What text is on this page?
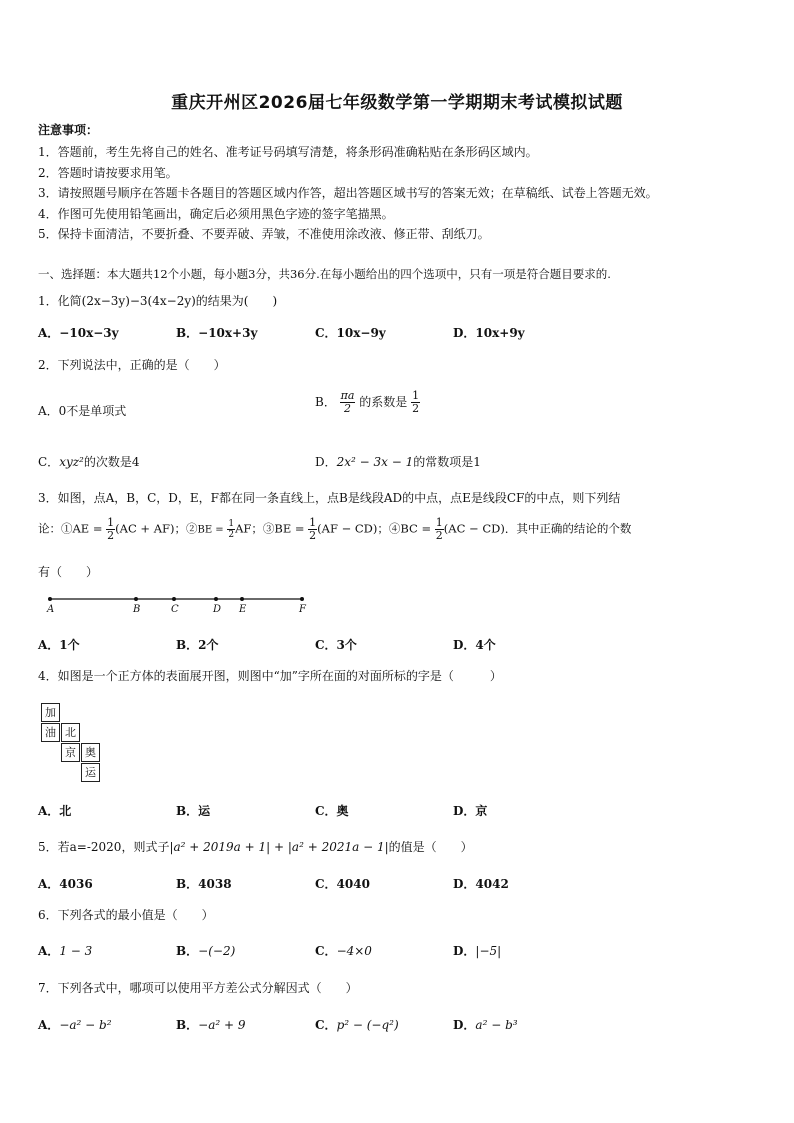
重庆开州区2026届七年级数学第一学期期末考试模拟试题
注意事项：
1．答题前，考生先将自己的姓名、准考证号码填写清楚，将条形码准确粘贴在条形码区域内。
2．答题时请按要求用笔。
3．请按照题号顺序在答题卡各题目的答题区域内作答，超出答题区域书写的答案无效；在草稿纸、试卷上答题无效。
4．作图可先使用铅笔画出，确定后必须用黑色字迹的签字笔描黑。
5．保持卡面清洁，不要折叠、不要弄破、弄皱，不准使用涂改液、修正带、刮纸刀。
一、选择题：本大题共12个小题，每小题3分，共36分.在每小题给出的四个选项中，只有一项是符合题目要求的.
1．化简(2x−3y)−3(4x−2y)的结果为(　　)
A．−10x−3y	B．−10x+3y	C．10x−9y	D．10x+9y
2．下列说法中，正确的是（　　）
A．0不是单项式
B． $\frac{\pi a}{2}$ 的系数是 $\frac{1}{2}$
C．xyz²的次数是4	D．2x² − 3x − 1的常数项是1
3．如图，点A，B，C，D，E，F都在同一条直线上，点B是线段AD的中点，点E是线段CF的中点，则下列结
论：①AE = $\frac{1}{2} (AC + AF)$；②BE = $\frac{1}{2}$ AF；③BE = $\frac{1}{2} (AF - CD)$；④BC = $\frac{1}{2} (AC - CD)$．其中正确的结论的个数
有（　　）
A	B	C	D E	F
A．1个	B．2个	C．3个	D．4个
4．如图是一个正方体的表面展开图，则图中“加”字所在面的对面所标的字是（　　　）
加
油 北
京 奥
运
A．北	B．运	C．奥	D．京
5．若a=-2020，则式子|a² + 2019a + 1| + |a² + 2021a − 1|的值是（　　）
A．4036	B．4038	C．4040	D．4042
6．下列各式的最小值是（　　）
A．1 − 3	B．−(−2)	C．−4×0	D．|−5|
7．下列各式中，哪项可以使用平方差公式分解因式（　　）
A．−a² − b²	B．−a² + 9	C．p² − (−q²)	D．a² − b³
